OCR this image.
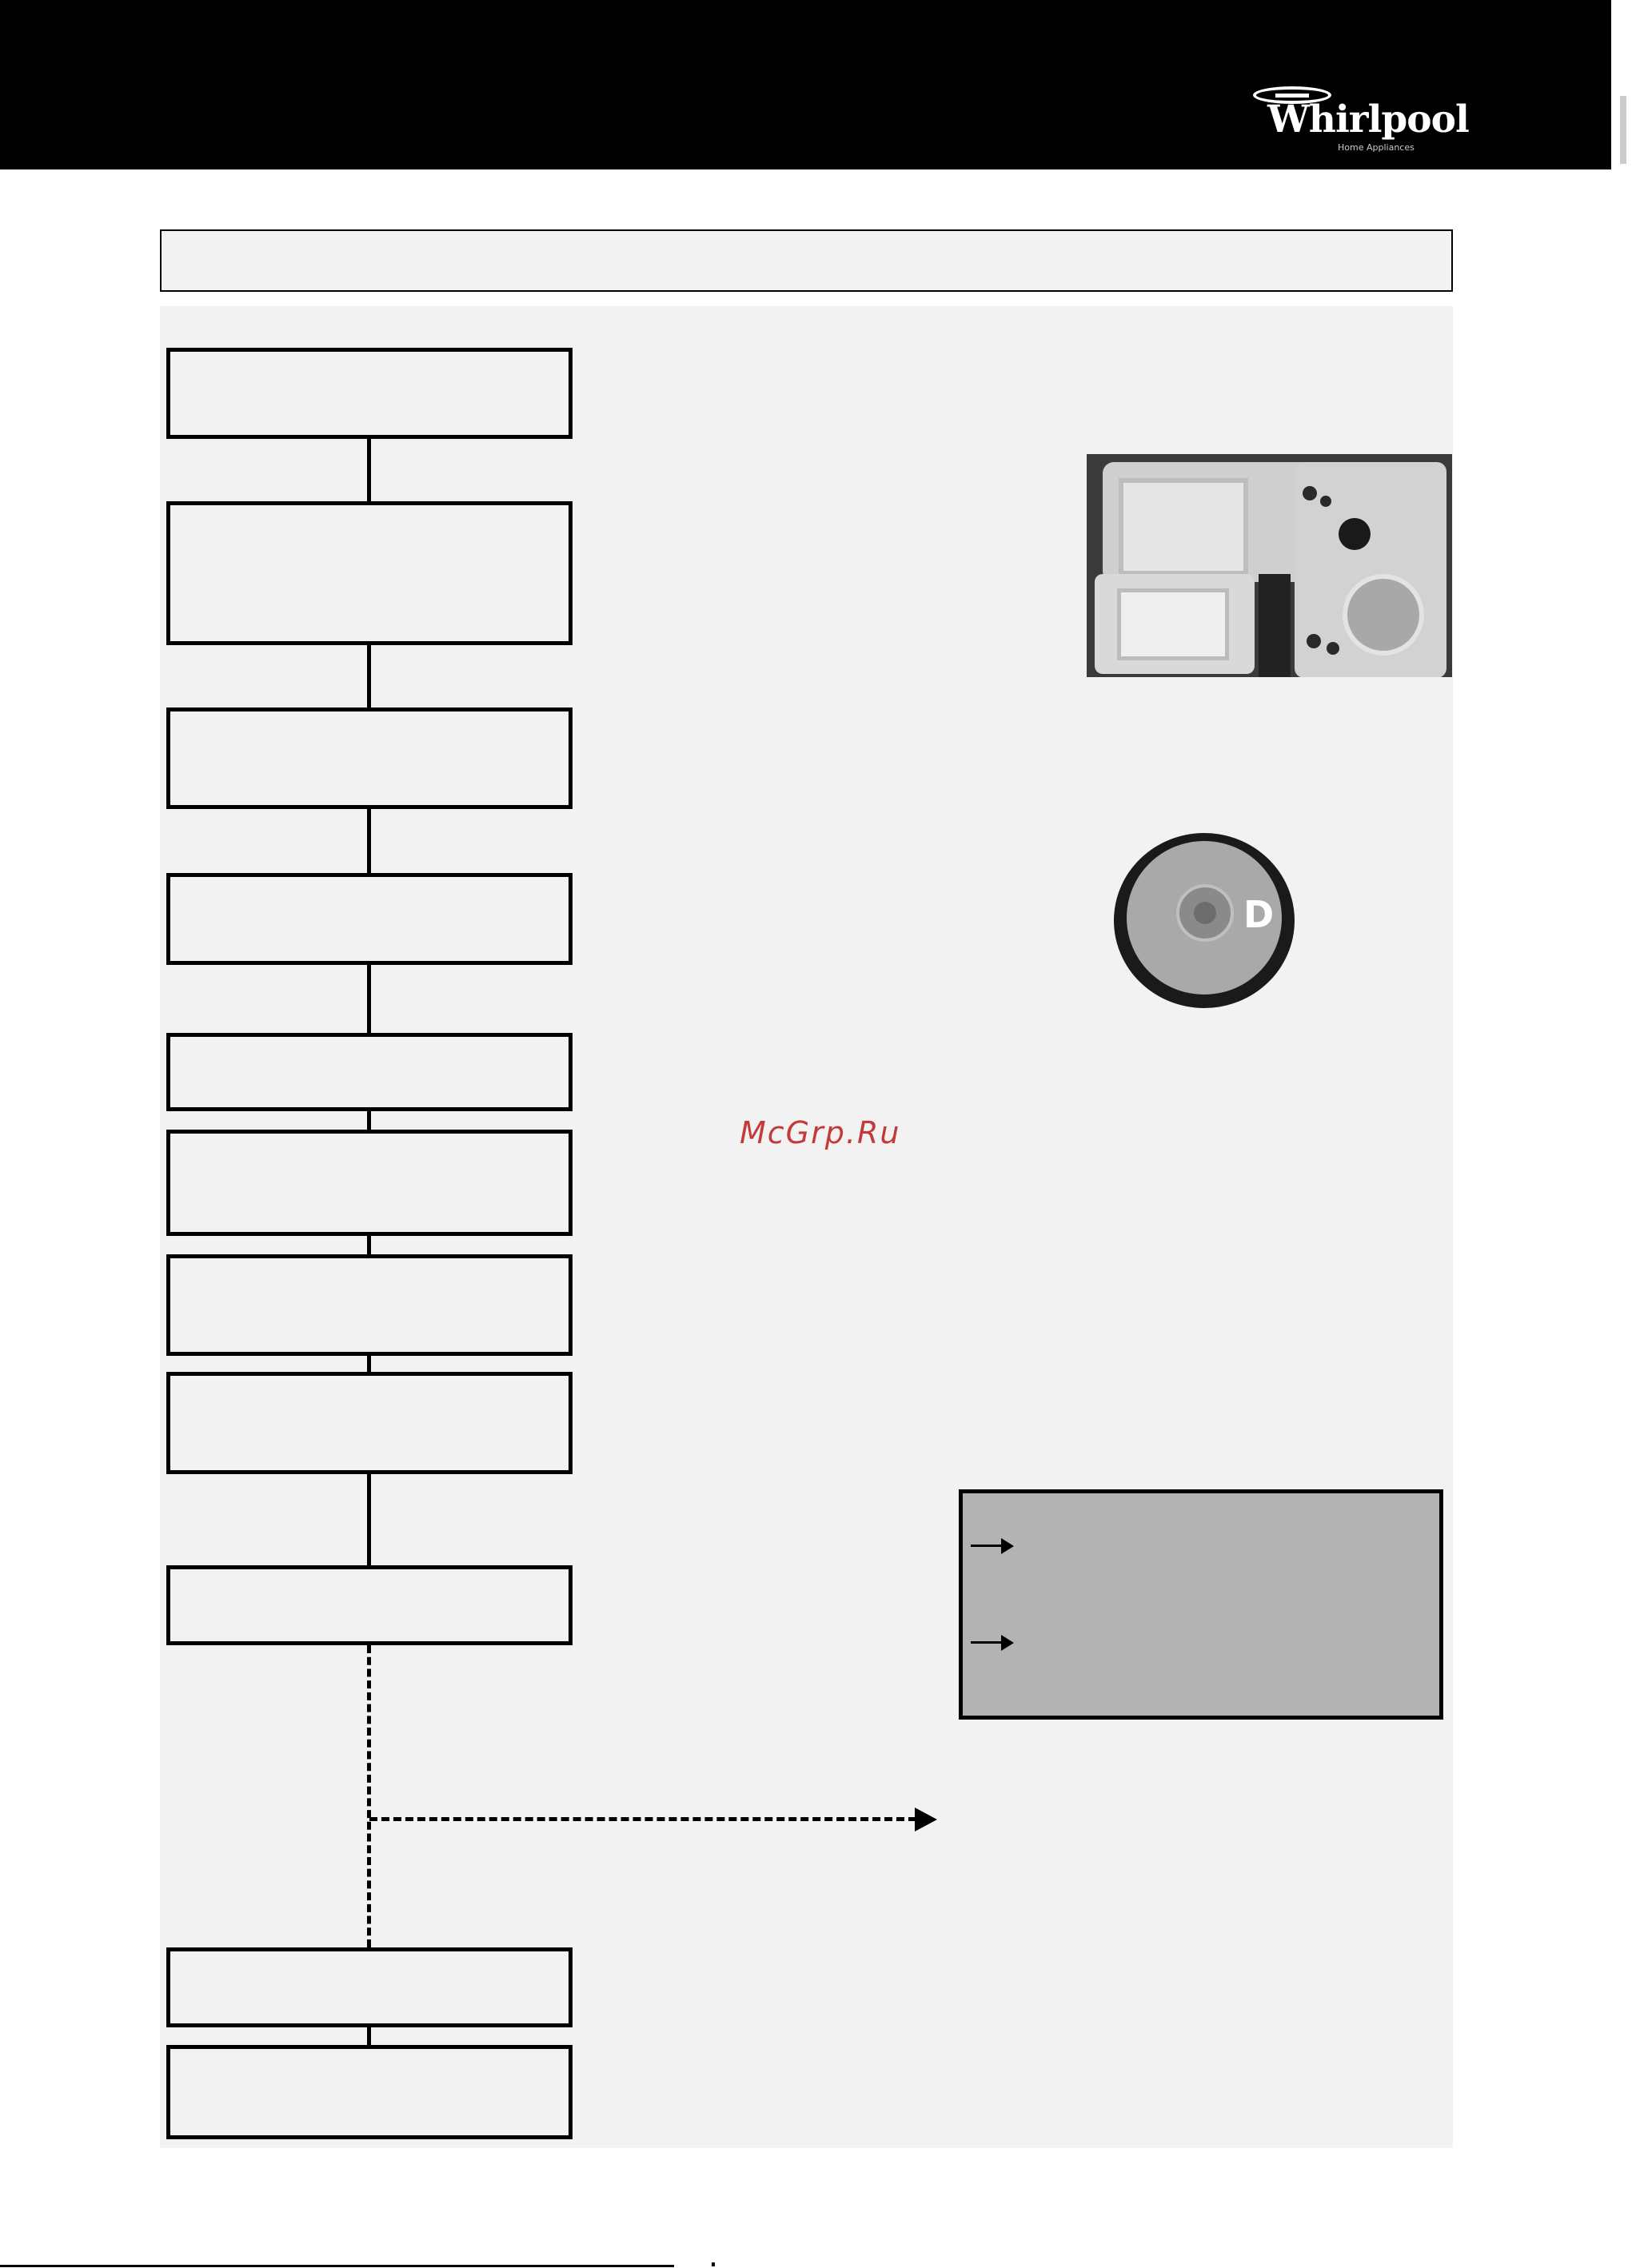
Whirlpool
Home Appliances
D
McGrp.Ru
